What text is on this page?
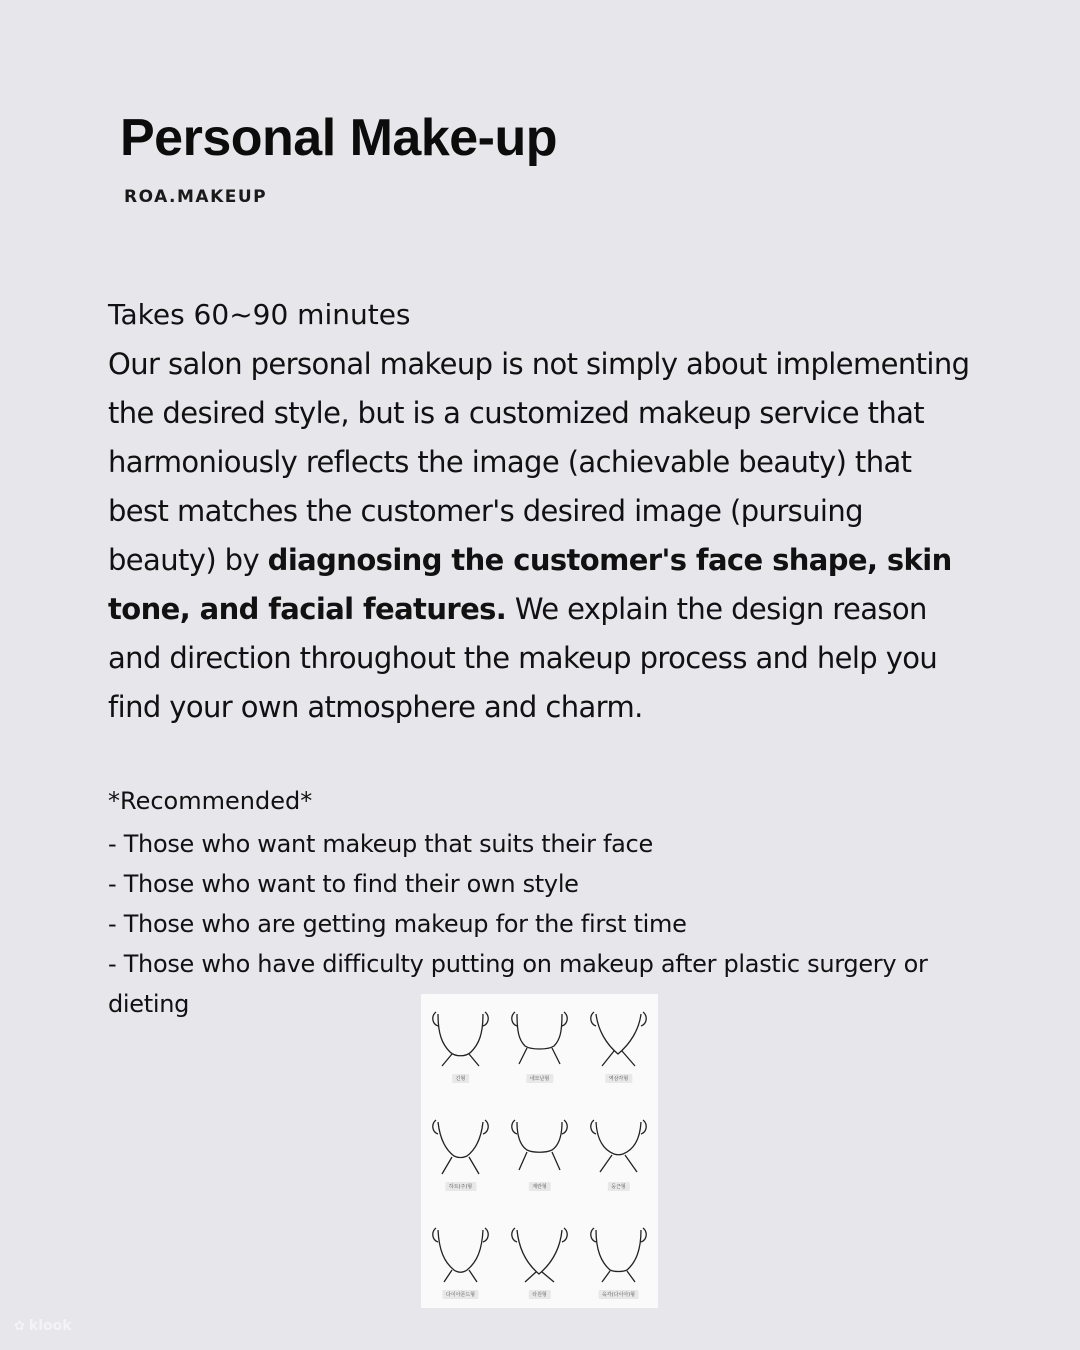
Personal Make-up
ROA.MAKEUP

Takes 60~90 minutes

Our salon personal makeup is not simply about implementing the desired style, but is a customized makeup service that harmoniously reflects the image (achievable beauty) that best matches the customer's desired image (pursuing beauty) by diagnosing the customer's face shape, skin tone, and facial features. We explain the design reason and direction throughout the makeup process and help you find your own atmosphere and charm.

*Recommended*

- Those who want makeup that suits their face
- Those who want to find their own style
- Those who are getting makeup for the first time
- Those who have difficulty putting on makeup after plastic surgery or dieting
긴형	네모난형	역삼각형
하트(주)형	계란형	둥근형
다이아몬드형	타원형	육각(다이아)형
✿ klook
